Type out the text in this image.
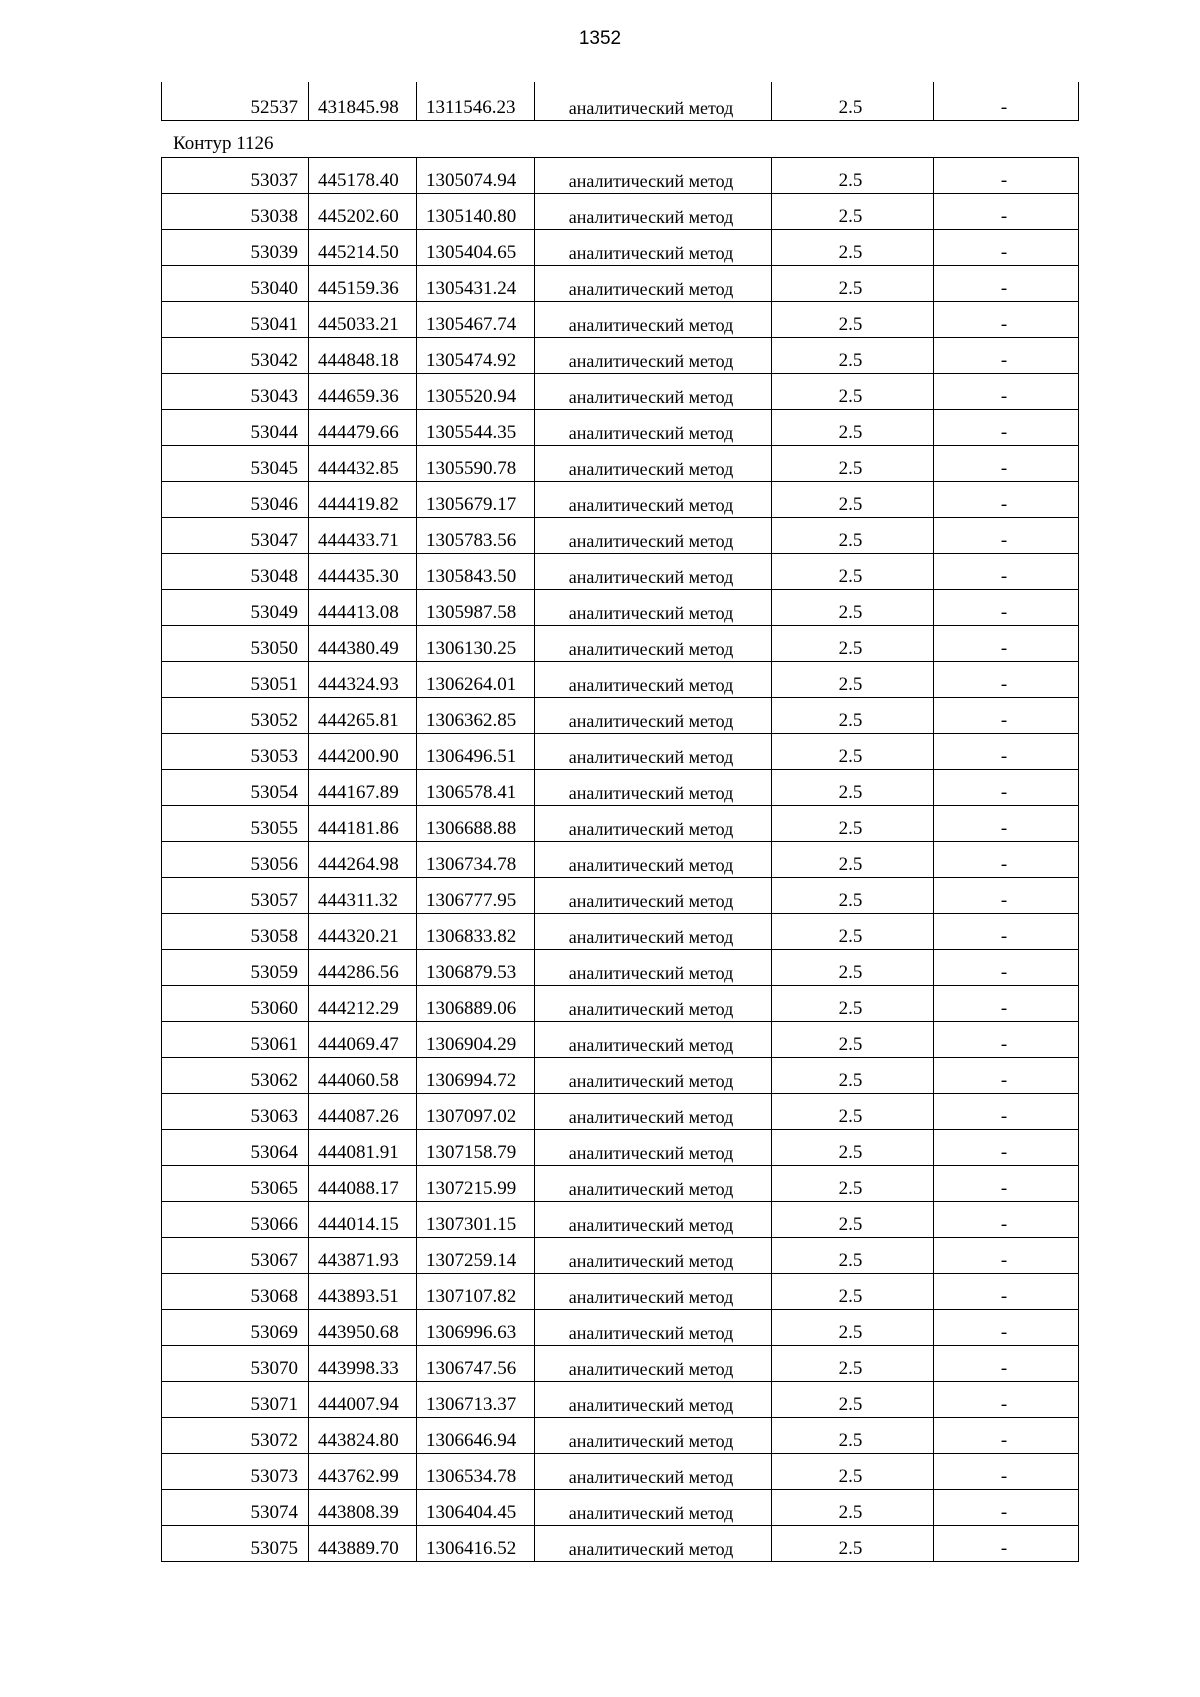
1352
52537	431845.98	1311546.23	аналитический метод	2.5	-
Контур 1126
53037	445178.40	1305074.94	аналитический метод	2.5	-
53038	445202.60	1305140.80	аналитический метод	2.5	-
53039	445214.50	1305404.65	аналитический метод	2.5	-
53040	445159.36	1305431.24	аналитический метод	2.5	-
53041	445033.21	1305467.74	аналитический метод	2.5	-
53042	444848.18	1305474.92	аналитический метод	2.5	-
53043	444659.36	1305520.94	аналитический метод	2.5	-
53044	444479.66	1305544.35	аналитический метод	2.5	-
53045	444432.85	1305590.78	аналитический метод	2.5	-
53046	444419.82	1305679.17	аналитический метод	2.5	-
53047	444433.71	1305783.56	аналитический метод	2.5	-
53048	444435.30	1305843.50	аналитический метод	2.5	-
53049	444413.08	1305987.58	аналитический метод	2.5	-
53050	444380.49	1306130.25	аналитический метод	2.5	-
53051	444324.93	1306264.01	аналитический метод	2.5	-
53052	444265.81	1306362.85	аналитический метод	2.5	-
53053	444200.90	1306496.51	аналитический метод	2.5	-
53054	444167.89	1306578.41	аналитический метод	2.5	-
53055	444181.86	1306688.88	аналитический метод	2.5	-
53056	444264.98	1306734.78	аналитический метод	2.5	-
53057	444311.32	1306777.95	аналитический метод	2.5	-
53058	444320.21	1306833.82	аналитический метод	2.5	-
53059	444286.56	1306879.53	аналитический метод	2.5	-
53060	444212.29	1306889.06	аналитический метод	2.5	-
53061	444069.47	1306904.29	аналитический метод	2.5	-
53062	444060.58	1306994.72	аналитический метод	2.5	-
53063	444087.26	1307097.02	аналитический метод	2.5	-
53064	444081.91	1307158.79	аналитический метод	2.5	-
53065	444088.17	1307215.99	аналитический метод	2.5	-
53066	444014.15	1307301.15	аналитический метод	2.5	-
53067	443871.93	1307259.14	аналитический метод	2.5	-
53068	443893.51	1307107.82	аналитический метод	2.5	-
53069	443950.68	1306996.63	аналитический метод	2.5	-
53070	443998.33	1306747.56	аналитический метод	2.5	-
53071	444007.94	1306713.37	аналитический метод	2.5	-
53072	443824.80	1306646.94	аналитический метод	2.5	-
53073	443762.99	1306534.78	аналитический метод	2.5	-
53074	443808.39	1306404.45	аналитический метод	2.5	-
53075	443889.70	1306416.52	аналитический метод	2.5	-
